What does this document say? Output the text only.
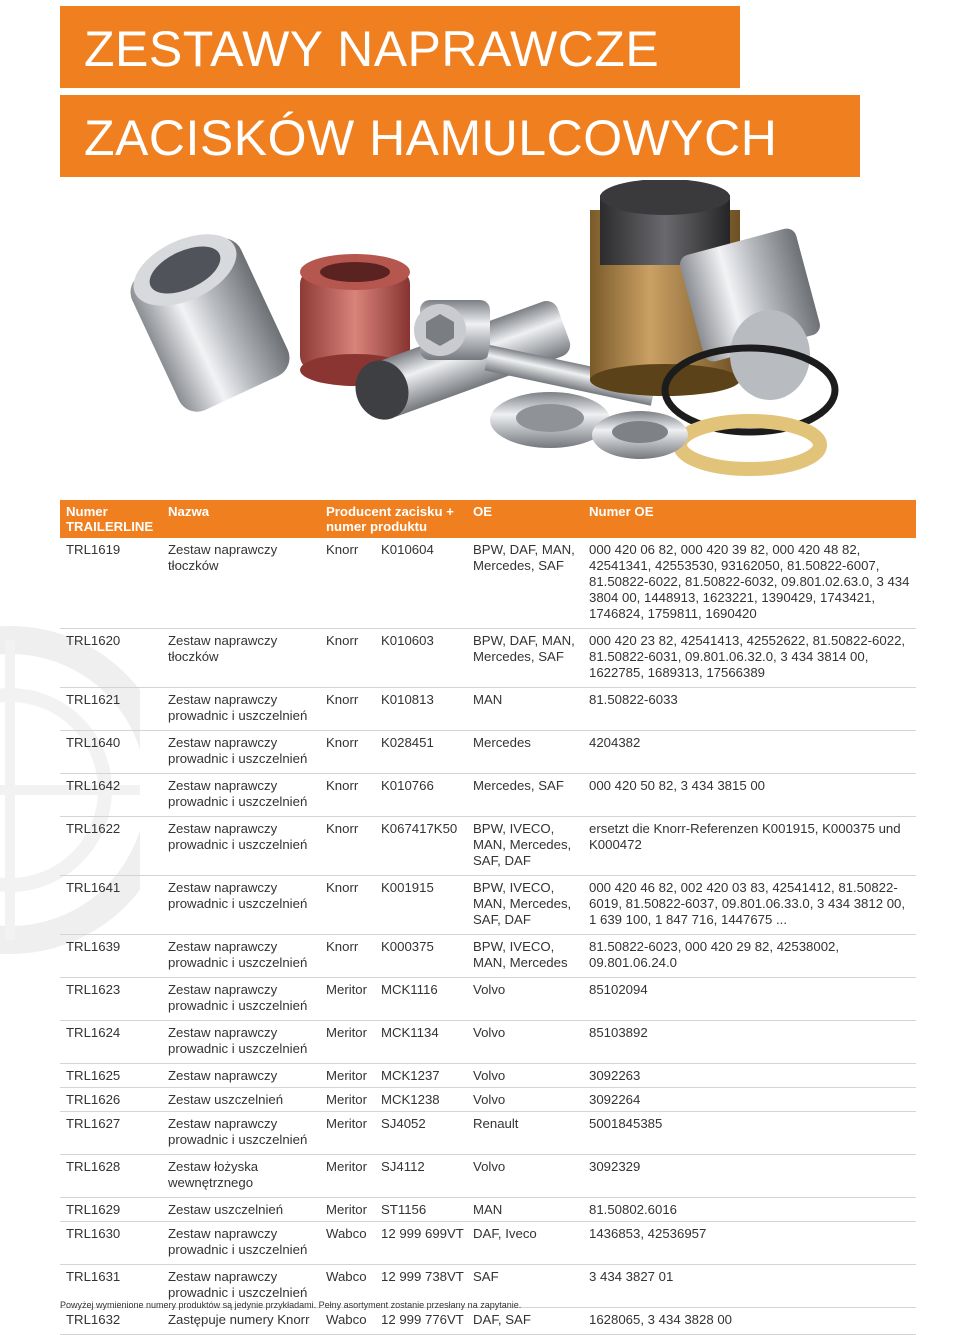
ZESTAWY NAPRAWCZE
ZACISKÓW HAMULCOWYCH
Numer TRAILERLINE	Nazwa	Producent zacisku + numer produktu		OE	Numer OE
TRL1619	Zestaw naprawczy tłoczków	Knorr	K010604	BPW, DAF, MAN, Mercedes, SAF	000 420 06 82, 000 420 39 82, 000 420 48 82, 42541341, 42553530, 93162050, 81.50822-6007, 81.50822-6022, 81.50822-6032, 09.801.02.63.0, 3 434 3804 00, 1448913, 1623221, 1390429, 1743421, 1746824, 1759811, 1690420
TRL1620	Zestaw naprawczy tłoczków	Knorr	K010603	BPW, DAF, MAN, Mercedes, SAF	000 420 23 82, 42541413, 42552622, 81.50822-6022, 81.50822-6031, 09.801.06.32.0, 3 434 3814 00, 1622785, 1689313, 17566389
TRL1621	Zestaw naprawczy prowadnic i uszczelnień	Knorr	K010813	MAN	81.50822-6033
TRL1640	Zestaw naprawczy prowadnic i uszczelnień	Knorr	K028451	Mercedes	4204382
TRL1642	Zestaw naprawczy prowadnic i uszczelnień	Knorr	K010766	Mercedes, SAF	000 420 50 82, 3 434 3815 00
TRL1622	Zestaw naprawczy prowadnic i uszczelnień	Knorr	K067417K50	BPW, IVECO, MAN, Mercedes, SAF, DAF	ersetzt die Knorr-Referenzen K001915, K000375 und K000472
TRL1641	Zestaw naprawczy prowadnic i uszczelnień	Knorr	K001915	BPW, IVECO, MAN, Mercedes, SAF, DAF	000 420 46 82, 002 420 03 83, 42541412, 81.50822-6019, 81.50822-6037, 09.801.06.33.0, 3 434 3812 00, 1 639 100, 1 847 716, 1447675 ...
TRL1639	Zestaw naprawczy prowadnic i uszczelnień	Knorr	K000375	BPW, IVECO, MAN, Mercedes	81.50822-6023, 000 420 29 82, 42538002, 09.801.06.24.0
TRL1623	Zestaw naprawczy prowadnic i uszczelnień	Meritor	MCK1116	Volvo	85102094
TRL1624	Zestaw naprawczy prowadnic i uszczelnień	Meritor	MCK1134	Volvo	85103892
TRL1625	Zestaw naprawczy	Meritor	MCK1237	Volvo	3092263
TRL1626	Zestaw uszczelnień	Meritor	MCK1238	Volvo	3092264
TRL1627	Zestaw naprawczy prowadnic i uszczelnień	Meritor	SJ4052	Renault	5001845385
TRL1628	Zestaw łożyska wewnętrznego	Meritor	SJ4112	Volvo	3092329
TRL1629	Zestaw uszczelnień	Meritor	ST1156	MAN	81.50802.6016
TRL1630	Zestaw naprawczy prowadnic i uszczelnień	Wabco	12 999 699VT	DAF, Iveco	1436853, 42536957
TRL1631	Zestaw naprawczy prowadnic i uszczelnień	Wabco	12 999 738VT	SAF	3 434 3827 01
TRL1632	Zastępuje numery Knorr	Wabco	12 999 776VT	DAF, SAF	1628065, 3 434 3828 00
Powyżej wymienione numery produktów są jedynie przykładami. Pełny asortyment zostanie przesłany na zapytanie.
